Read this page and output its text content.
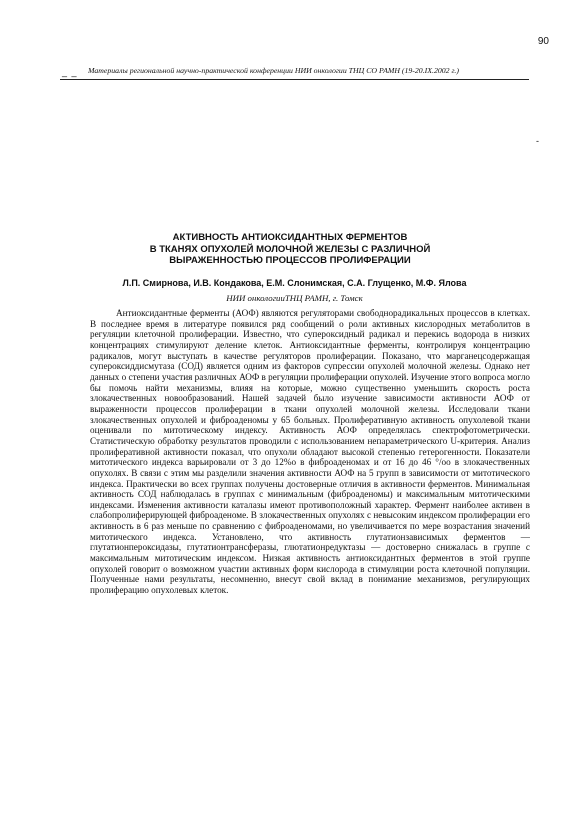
90
_ _ Материалы региональной научно-практической конференции НИИ онкологии ТНЦ СО РАМН (19-20.IX.2002 г.)
-
АКТИВНОСТЬ АНТИОКСИДАНТНЫХ ФЕРМЕНТОВ
В ТКАНЯХ ОПУХОЛЕЙ МОЛОЧНОЙ ЖЕЛЕЗЫ С РАЗЛИЧНОЙ
ВЫРАЖЕННОСТЬЮ ПРОЦЕССОВ ПРОЛИФЕРАЦИИ
Л.П. Смирнова, И.В. Кондакова, Е.М. Слонимская, С.А. Глущенко, М.Ф. Ялова
НИИ онкологииТНЦ РАМН, г. Томск

Антиоксидантные ферменты (АОФ) являются регуляторами свободнорадикальных процессов в клетках. В последнее время в литературе появился ряд сообщений о роли активных кислородных метаболитов в регуляции клеточной пролиферации. Известно, что супероксидный радикал и перекись водорода в низких концентрациях стимулируют деление клеток. Антиоксидантные ферменты, контролируя концентрацию радикалов, могут выступать в качестве регуляторов пролиферации. Показано, что марганецсодержащая супероксиддисмутаза (СОД) является одним из факторов супрессии опухолей молочной железы. Однако нет данных о степени участия различных АОФ в регуляции пролиферации опухолей. Изучение этого вопроса могло бы помочь найти механизмы, влияя на которые, можно существенно уменьшить скорость роста злокачественных новообразований. Нашей задачей было изучение зависимости активности АОФ от выраженности процессов пролиферации в ткани опухолей молочной железы. Исследовали ткани злокачественных опухолей и фиброаденомы у 65 больных. Пролиферативную активность опухолевой ткани оценивали по митотическому индексу. Активность АОФ определялась спектрофотометрически. Статистическую обработку результатов проводили с использованием непараметрического U-критерия. Анализ пролиферативной активности показал, что опухоли обладают высокой степенью гетерогенности. Показатели митотического индекса варьировали от 3 до 12%о в фиброаденомах и от 16 до 46 °/оо в злокачественных опухолях. В связи с этим мы разделили значения активности АОФ на 5 групп в зависимости от митотического индекса. Практически во всех группах получены достоверные отличия в активности ферментов. Минимальная активность СОД наблюдалась в группах с минимальным (фиброаденомы) и максимальным митотическими индексами. Изменения активности каталазы имеют противоположный характер. Фермент наиболее активен в слабопролиферирующей фиброаденоме. В злокачественных опухолях с невысоким индексом пролиферации его активность в 6 раз меньше по сравнению с фиброаденомами, но увеличивается по мере возрастания значений митотического индекса. Установлено, что активность глутатионзависимых ферментов — глутатионпероксидазы, глутатионтрансферазы, глютатионредуктазы — достоверно снижалась в группе с максимальным митотическим индексом. Низкая активность антиоксидантных ферментов в этой группе опухолей говорит о возможном участии активных форм кислорода в стимуляции роста клеточной популяции. Полученные нами результаты, несомненно, внесут свой вклад в понимание механизмов, регулирующих пролиферацию опухолевых клеток.
